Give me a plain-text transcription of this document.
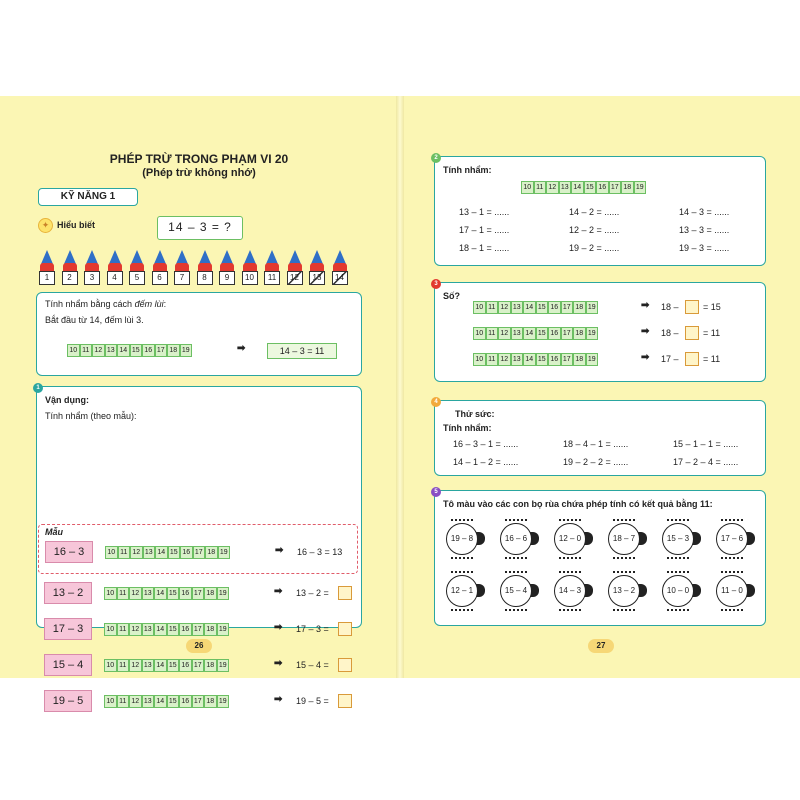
PHÉP TRỪ TRONG PHẠM VI 20
(Phép trừ không nhớ)
KỸ NĂNG 1
✦ Hiểu biết	14 – 3 = ?
1	2	3	4	5	6	7	8	9	10	11	12	13	14
Tính nhẩm bằng cách đếm lùi:
Bắt đầu từ 14, đếm lùi 3.
10 11 12 13 14 15 16 17 18 19	➡	14 – 3 = 11
1
Vận dụng:
Tính nhẩm (theo mẫu):
Mẫu
16 – 3	10 11 12 13 14 15 16 17 18 19	➡ 16 – 3 = 13
13 – 2	10 11 12 13 14 15 16 17 18 19	➡ 13 – 2 =
17 – 3	10 11 12 13 14 15 16 17 18 19	➡ 17 – 3 =
15 – 4	10 11 12 13 14 15 16 17 18 19	➡ 15 – 4 =
19 – 5	10 11 12 13 14 15 16 17 18 19	➡ 19 – 5 =
26
2
Tính nhẩm:
10 11 12 13 14 15 16 17 18 19
13 – 1 = ......	14 – 2 = ......	14 – 3 = ......
17 – 1 = ......	12 – 2 = ......	13 – 3 = ......
18 – 1 = ......	19 – 2 = ......	19 – 3 = ......
3
Số?
10 11 12 13 14 15 16 17 18 19	➡ 18 –	= 15
10 11 12 13 14 15 16 17 18 19	➡ 18 –	= 11
10 11 12 13 14 15 16 17 18 19	➡ 17 –	= 11
4
Thử sức:
Tính nhẩm:
16 – 3 – 1 = ......	18 – 4 – 1 = ......	15 – 1 – 1 = ......
14 – 1 – 2 = ......	19 – 2 – 2 = ......	17 – 2 – 4 = ......
5
Tô màu vào các con bọ rùa chứa phép tính có kết quả bằng 11:
19 – 8	16 – 6	12 – 0	18 – 7	15 – 3	17 – 6
12 – 1	15 – 4	14 – 3	13 – 2	10 – 0	11 – 0
27
